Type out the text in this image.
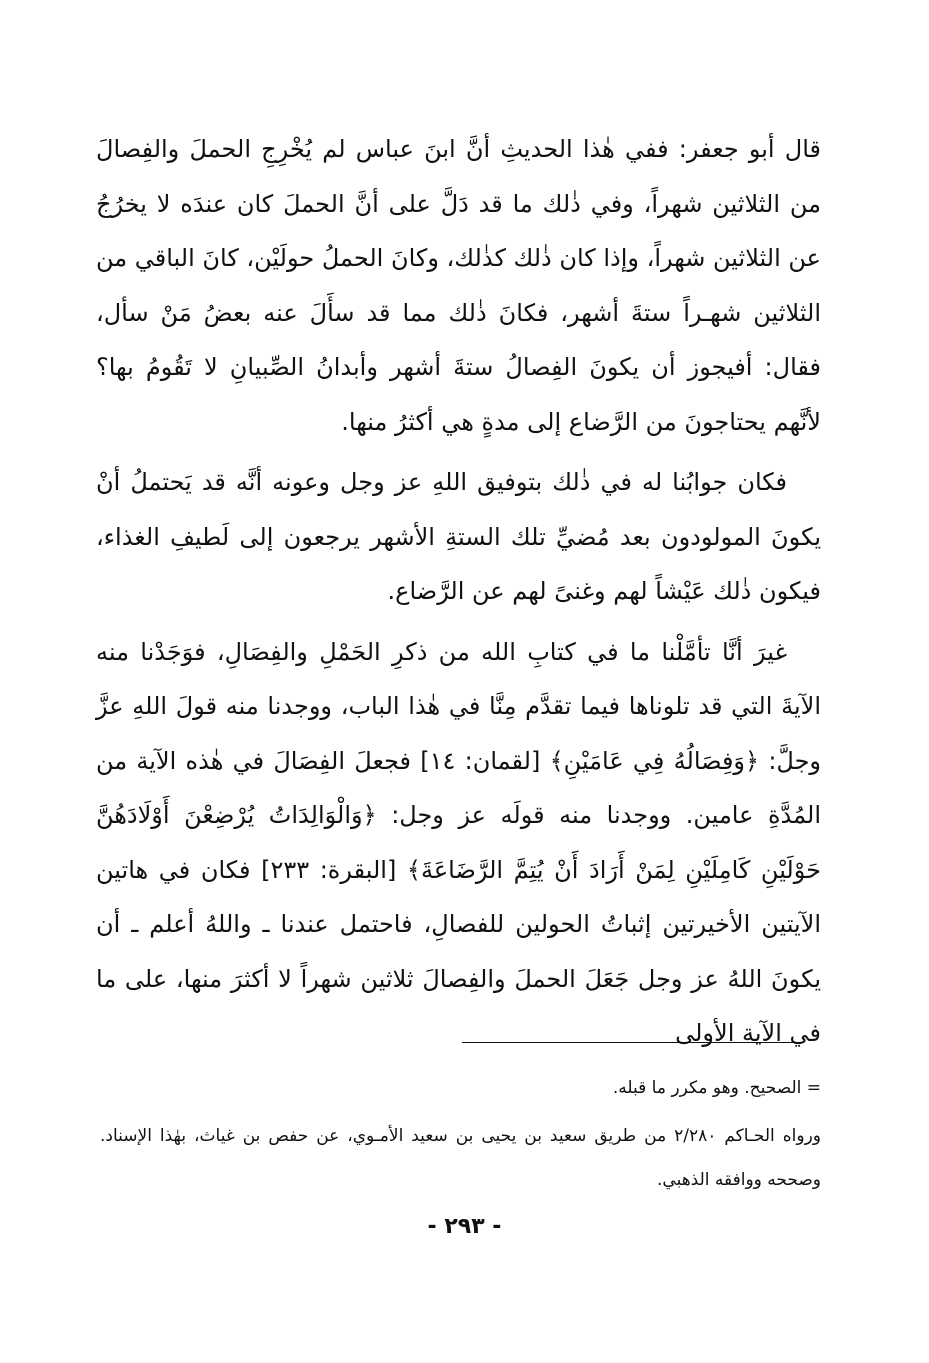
قال أبو جعفر: ففي هٰذا الحديثِ أنَّ ابنَ عباس لم يُخْرِجِ الحملَ والفِصالَ من الثلاثين شهراً، وفي ذٰلك ما قد دَلَّ على أنَّ الحملَ كان عندَه لا يخرُجُ عن الثلاثين شهراً، وإذا كان ذٰلك كذٰلك، وكانَ الحملُ حولَيْن، كانَ الباقي من الثلاثين شهـراً ستةَ أشهر، فكانَ ذٰلك مما قد سأَلَ عنه بعضُ مَنْ سأل، فقال: أفيجوز أن يكونَ الفِصالُ ستةَ أشهر وأبدانُ الصِّبيانِ لا تَقُومُ بها؟ لأنَّهم يحتاجونَ من الرَّضاع إلى مدةٍ هي أكثرُ منها.

فكان جوابُنا له في ذٰلك بتوفيق اللهِ عز وجل وعونه أنَّه قد يَحتملُ أنْ يكونَ المولودون بعد مُضيِّ تلك الستةِ الأشهر يرجعون إلى لَطيفِ الغذاء، فيكون ذٰلك عَيْشاً لهم وغنىً لهم عن الرَّضاع.

غيرَ أنَّا تأمَّلْنا ما في كتابِ الله من ذكرِ الحَمْلِ والفِصَالِ، فوَجَدْنا منه الآيةَ التي قد تلوناها فيما تقدَّم مِنَّا في هٰذا الباب، ووجدنا منه قولَ اللهِ عزَّ وجلَّ: ﴿وَفِصَالُهُ فِي عَامَيْنِ﴾ [لقمان: ١٤] فجعلَ الفِصَالَ في هٰذه الآية من المُدَّةِ عامين. ووجدنا منه قولَه عز وجل: ﴿وَالْوَالِدَاتُ يُرْضِعْنَ أَوْلَادَهُنَّ حَوْلَيْنِ كَامِلَيْنِ لِمَنْ أَرَادَ أَنْ يُتِمَّ الرَّضَاعَةَ﴾ [البقرة: ٢٣٣] فكان في هاتين الآيتين الأخيرتين إثباتُ الحولين للفصالِ، فاحتمل عندنا ـ واللهُ أعلم ـ أن يكونَ اللهُ عز وجل جَعَلَ الحملَ والفِصالَ ثلاثين شهراً لا أكثرَ منها، على ما في الآية الأولى

= الصحيح. وهو مكرر ما قبله.

ورواه الحـاكم ٢/٢٨٠ من طريق سعيد بن يحيى بن سعيد الأمـوي، عن حفص بن غياث، بهٰذا الإسناد. وصححه ووافقه الذهبي.

- ٢٩٣ -
